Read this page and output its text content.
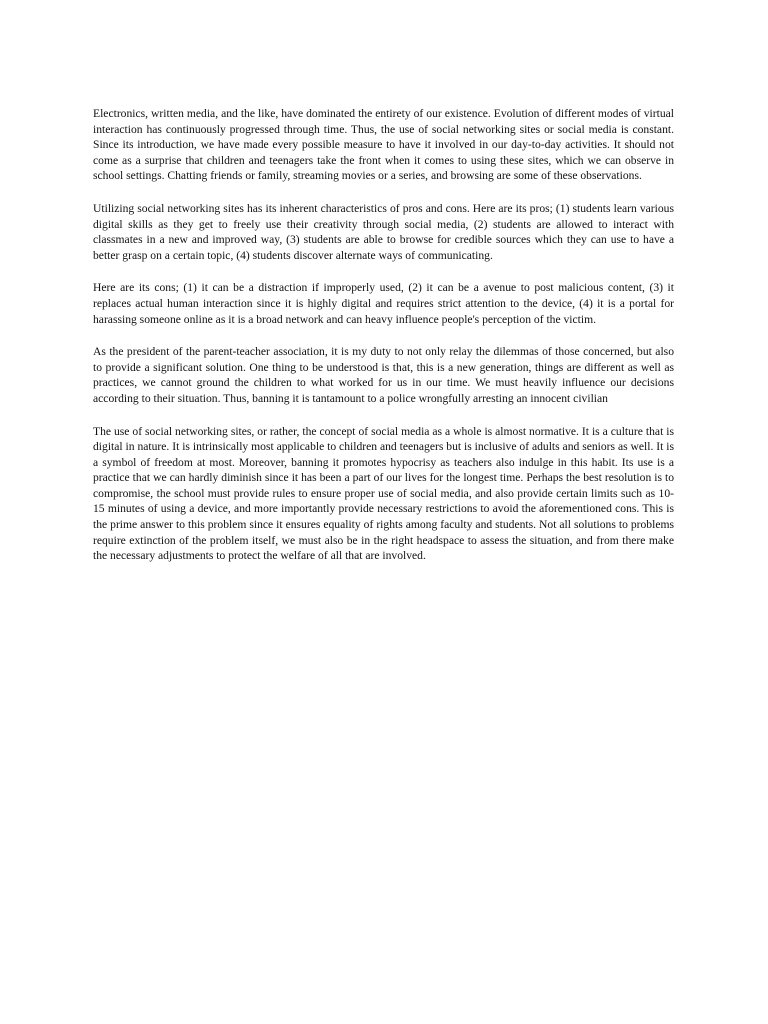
Electronics, written media, and the like, have dominated the entirety of our existence. Evolution of different modes of virtual interaction has continuously progressed through time. Thus, the use of social networking sites or social media is constant. Since its introduction, we have made every possible measure to have it involved in our day-to-day activities. It should not come as a surprise that children and teenagers take the front when it comes to using these sites, which we can observe in school settings. Chatting friends or family, streaming movies or a series, and browsing are some of these observations.

Utilizing social networking sites has its inherent characteristics of pros and cons. Here are its pros; (1) students learn various digital skills as they get to freely use their creativity through social media, (2) students are allowed to interact with classmates in a new and improved way, (3) students are able to browse for credible sources which they can use to have a better grasp on a certain topic, (4) students discover alternate ways of communicating.

Here are its cons; (1) it can be a distraction if improperly used, (2) it can be a avenue to post malicious content, (3) it replaces actual human interaction since it is highly digital and requires strict attention to the device, (4) it is a portal for harassing someone online as it is a broad network and can heavy influence people's perception of the victim.

As the president of the parent-teacher association, it is my duty to not only relay the dilemmas of those concerned, but also to provide a significant solution. One thing to be understood is that, this is a new generation, things are different as well as practices, we cannot ground the children to what worked for us in our time. We must heavily influence our decisions according to their situation. Thus, banning it is tantamount to a police wrongfully arresting an innocent civilian

The use of social networking sites, or rather, the concept of social media as a whole is almost normative. It is a culture that is digital in nature. It is intrinsically most applicable to children and teenagers but is inclusive of adults and seniors as well. It is a symbol of freedom at most. Moreover, banning it promotes hypocrisy as teachers also indulge in this habit. Its use is a practice that we can hardly diminish since it has been a part of our lives for the longest time. Perhaps the best resolution is to compromise, the school must provide rules to ensure proper use of social media, and also provide certain limits such as 10-15 minutes of using a device, and more importantly provide necessary restrictions to avoid the aforementioned cons. This is the prime answer to this problem since it ensures equality of rights among faculty and students. Not all solutions to problems require extinction of the problem itself, we must also be in the right headspace to assess the situation, and from there make the necessary adjustments to protect the welfare of all that are involved.
